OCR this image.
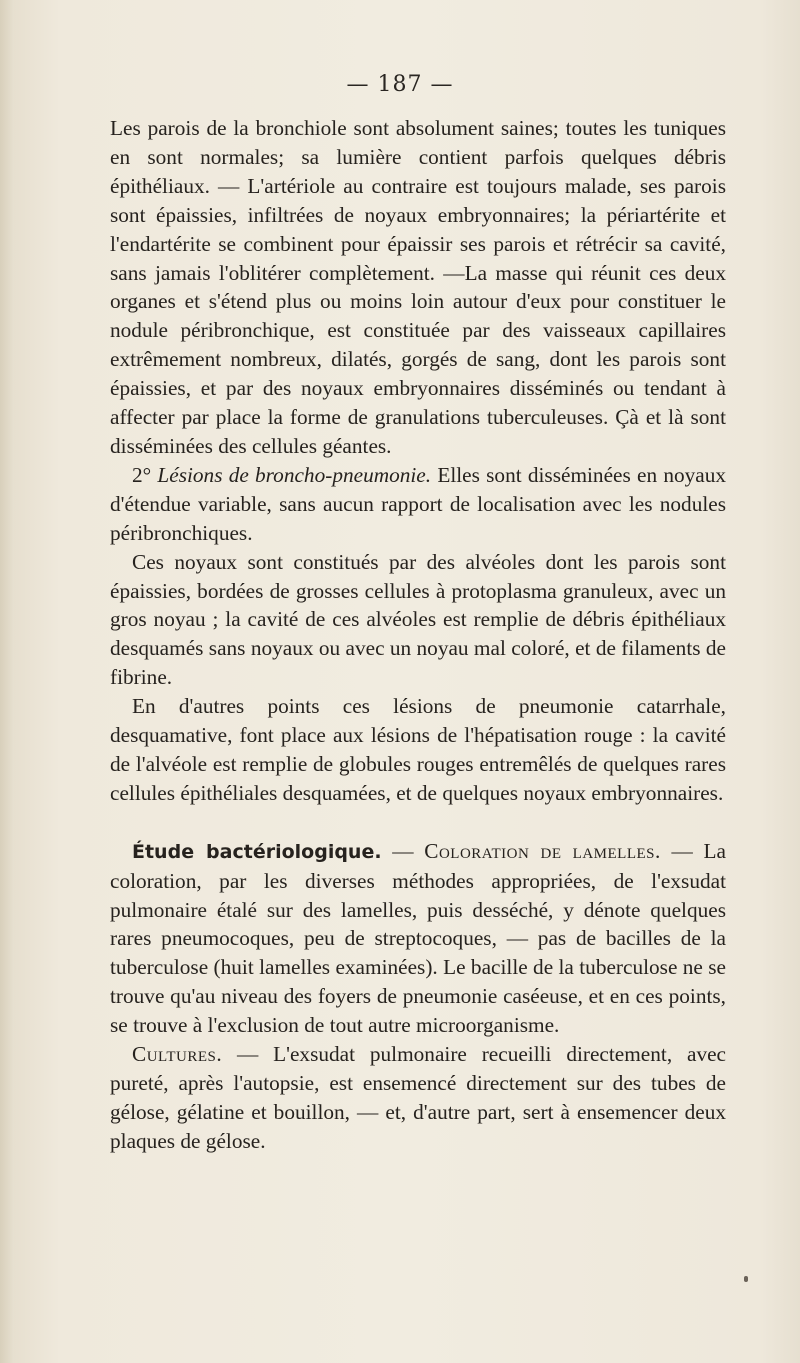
— 187 —

Les parois de la bronchiole sont absolument saines; toutes les tuniques en sont normales; sa lumière contient parfois quelques débris épithéliaux. — L'artériole au contraire est toujours malade, ses parois sont épaissies, infiltrées de noyaux embryonnaires; la périartérite et l'endartérite se combinent pour épaissir ses parois et rétrécir sa cavité, sans jamais l'oblitérer complètement. —La masse qui réunit ces deux organes et s'étend plus ou moins loin autour d'eux pour constituer le nodule péribronchique, est constituée par des vaisseaux capillaires extrêmement nombreux, dilatés, gorgés de sang, dont les parois sont épaissies, et par des noyaux embryonnaires disséminés ou tendant à affecter par place la forme de granulations tuberculeuses. Çà et là sont disséminées des cellules géantes.

2° Lésions de broncho-pneumonie. Elles sont disséminées en noyaux d'étendue variable, sans aucun rapport de localisation avec les nodules péribronchiques.

Ces noyaux sont constitués par des alvéoles dont les parois sont épaissies, bordées de grosses cellules à protoplasma granuleux, avec un gros noyau ; la cavité de ces alvéoles est remplie de débris épithéliaux desquamés sans noyaux ou avec un noyau mal coloré, et de filaments de fibrine.

En d'autres points ces lésions de pneumonie catarrhale, desquamative, font place aux lésions de l'hépatisation rouge : la cavité de l'alvéole est remplie de globules rouges entremêlés de quelques rares cellules épithéliales desquamées, et de quelques noyaux embryonnaires.

Étude bactériologique. — Coloration de lamelles. — La coloration, par les diverses méthodes appropriées, de l'exsudat pulmonaire étalé sur des lamelles, puis desséché, y dénote quelques rares pneumocoques, peu de streptocoques, — pas de bacilles de la tuberculose (huit lamelles examinées). Le bacille de la tuberculose ne se trouve qu'au niveau des foyers de pneumonie caséeuse, et en ces points, se trouve à l'exclusion de tout autre microorganisme.

Cultures. — L'exsudat pulmonaire recueilli directement, avec pureté, après l'autopsie, est ensemencé directement sur des tubes de gélose, gélatine et bouillon, — et, d'autre part, sert à ensemencer deux plaques de gélose.
